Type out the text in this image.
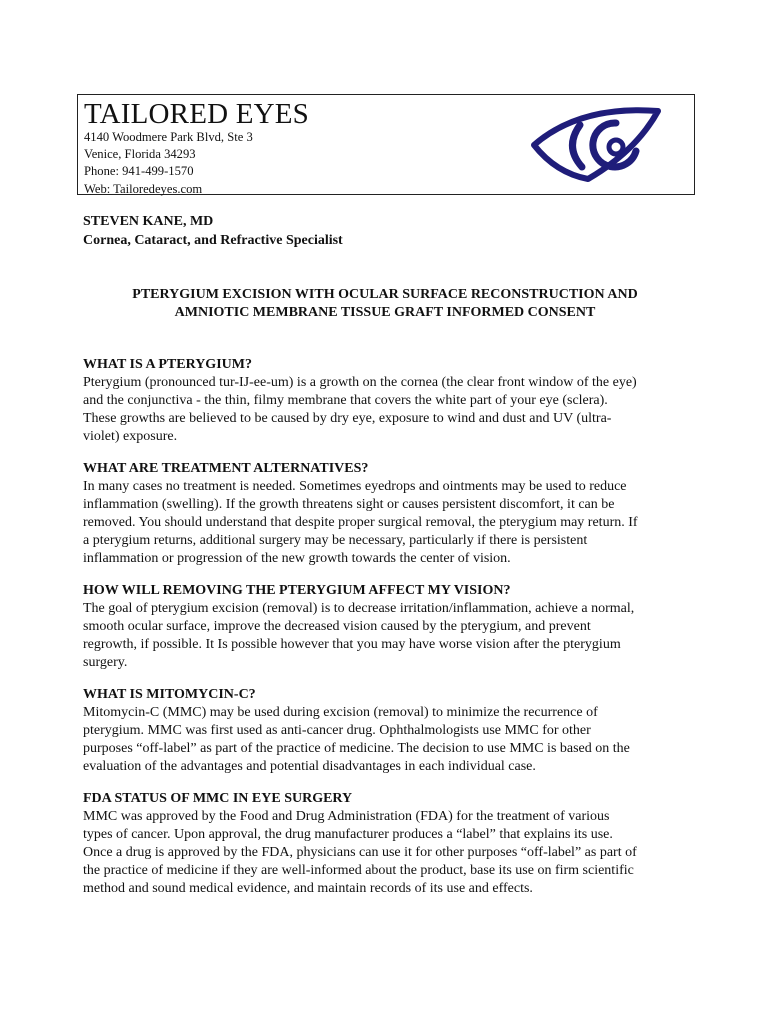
TAILORED EYES
4140 Woodmere Park Blvd, Ste 3
Venice, Florida 34293
Phone: 941-499-1570
Web: Tailoredeyes.com
STEVEN KANE, MD
Cornea, Cataract, and Refractive Specialist
PTERYGIUM EXCISION WITH OCULAR SURFACE RECONSTRUCTION AND
AMNIOTIC MEMBRANE TISSUE GRAFT INFORMED CONSENT

WHAT IS A PTERYGIUM?

Pterygium (pronounced tur-IJ-ee-um) is a growth on the cornea (the clear front window of the eye)
and the conjunctiva - the thin, filmy membrane that covers the white part of your eye (sclera).
These growths are believed to be caused by dry eye, exposure to wind and dust and UV (ultra-
violet) exposure.

WHAT ARE TREATMENT ALTERNATIVES?

In many cases no treatment is needed. Sometimes eyedrops and ointments may be used to reduce
inflammation (swelling). If the growth threatens sight or causes persistent discomfort, it can be
removed. You should understand that despite proper surgical removal, the pterygium may return. If
a pterygium returns, additional surgery may be necessary, particularly if there is persistent
inflammation or progression of the new growth towards the center of vision.

HOW WILL REMOVING THE PTERYGIUM AFFECT MY VISION?

The goal of pterygium excision (removal) is to decrease irritation/inflammation, achieve a normal,
smooth ocular surface, improve the decreased vision caused by the pterygium, and prevent
regrowth, if possible. It Is possible however that you may have worse vision after the pterygium
surgery.

WHAT IS MITOMYCIN-C?

Mitomycin-C (MMC) may be used during excision (removal) to minimize the recurrence of
pterygium. MMC was first used as anti-cancer drug. Ophthalmologists use MMC for other
purposes “off-label” as part of the practice of medicine. The decision to use MMC is based on the
evaluation of the advantages and potential disadvantages in each individual case.

FDA STATUS OF MMC IN EYE SURGERY

MMC was approved by the Food and Drug Administration (FDA) for the treatment of various
types of cancer. Upon approval, the drug manufacturer produces a “label” that explains its use.
Once a drug is approved by the FDA, physicians can use it for other purposes “off-label” as part of
the practice of medicine if they are well-informed about the product, base its use on firm scientific
method and sound medical evidence, and maintain records of its use and effects.
